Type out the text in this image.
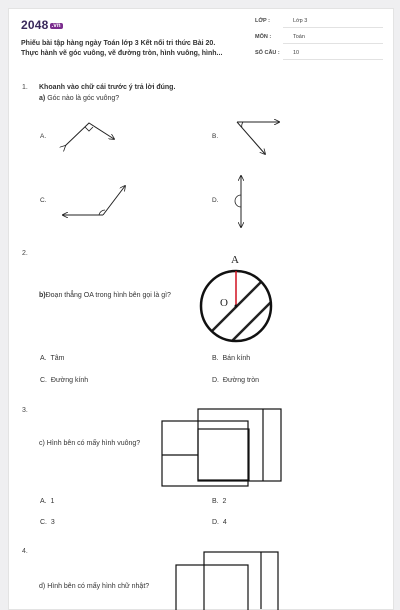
2048 .vn
Phiếu bài tập hàng ngày Toán lớp 3 Kết nối tri thức Bài 20.
Thực hành vẽ góc vuông, vẽ đường tròn, hình vuông, hình...
LỚP :	Lớp 3
MÔN :	Toán
SỐ CÂU : 10
1. Khoanh vào chữ cái trước ý trả lời đúng.
a) Góc nào là góc vuông?
A.	B.
C.	D.
2.
b)Đoạn thẳng OA trong hình bên gọi là gì?
A
O
A. Tâm	B. Bán kính
C. Đường kính	D. Đường tròn
3.
c) Hình bên có mấy hình vuông?
A. 1	B. 2
C. 3	D. 4
4.
d) Hình bên có mấy hình chữ nhật?
